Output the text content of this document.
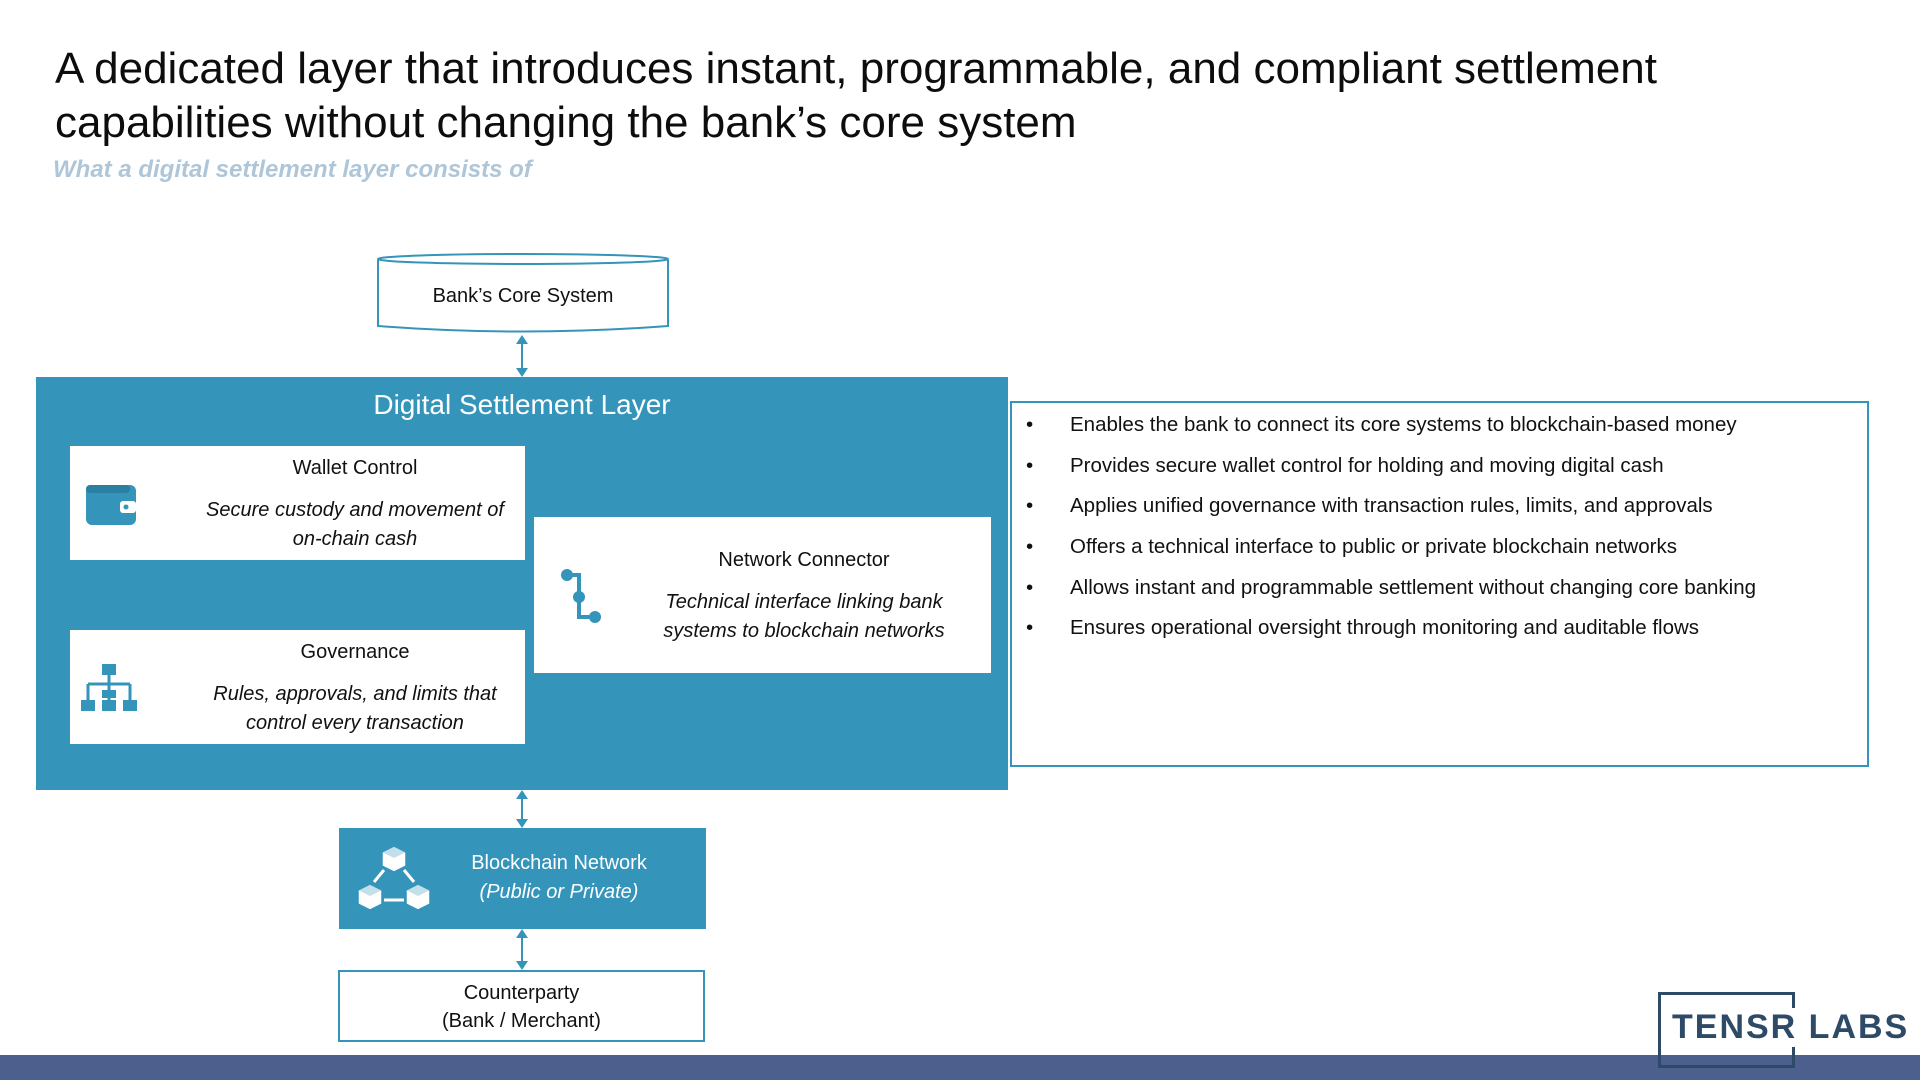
A dedicated layer that introduces instant, programmable, and compliant settlement capabilities without changing the bank’s core system
What a digital settlement layer consists of
Bank’s Core System
Digital Settlement Layer
Wallet Control
Secure custody and movement of on-chain cash
Network Connector
Technical interface linking bank systems to blockchain networks
Governance
Rules, approvals, and limits that control every transaction
Blockchain Network
(Public or Private)
Counterparty
(Bank / Merchant)
• Enables the bank to connect its core systems to blockchain-based money
• Provides secure wallet control for holding and moving digital cash
• Applies unified governance with transaction rules, limits, and approvals
• Offers a technical interface to public or private blockchain networks
• Allows instant and programmable settlement without changing core banking
• Ensures operational oversight through monitoring and auditable flows
TENSR LABS
